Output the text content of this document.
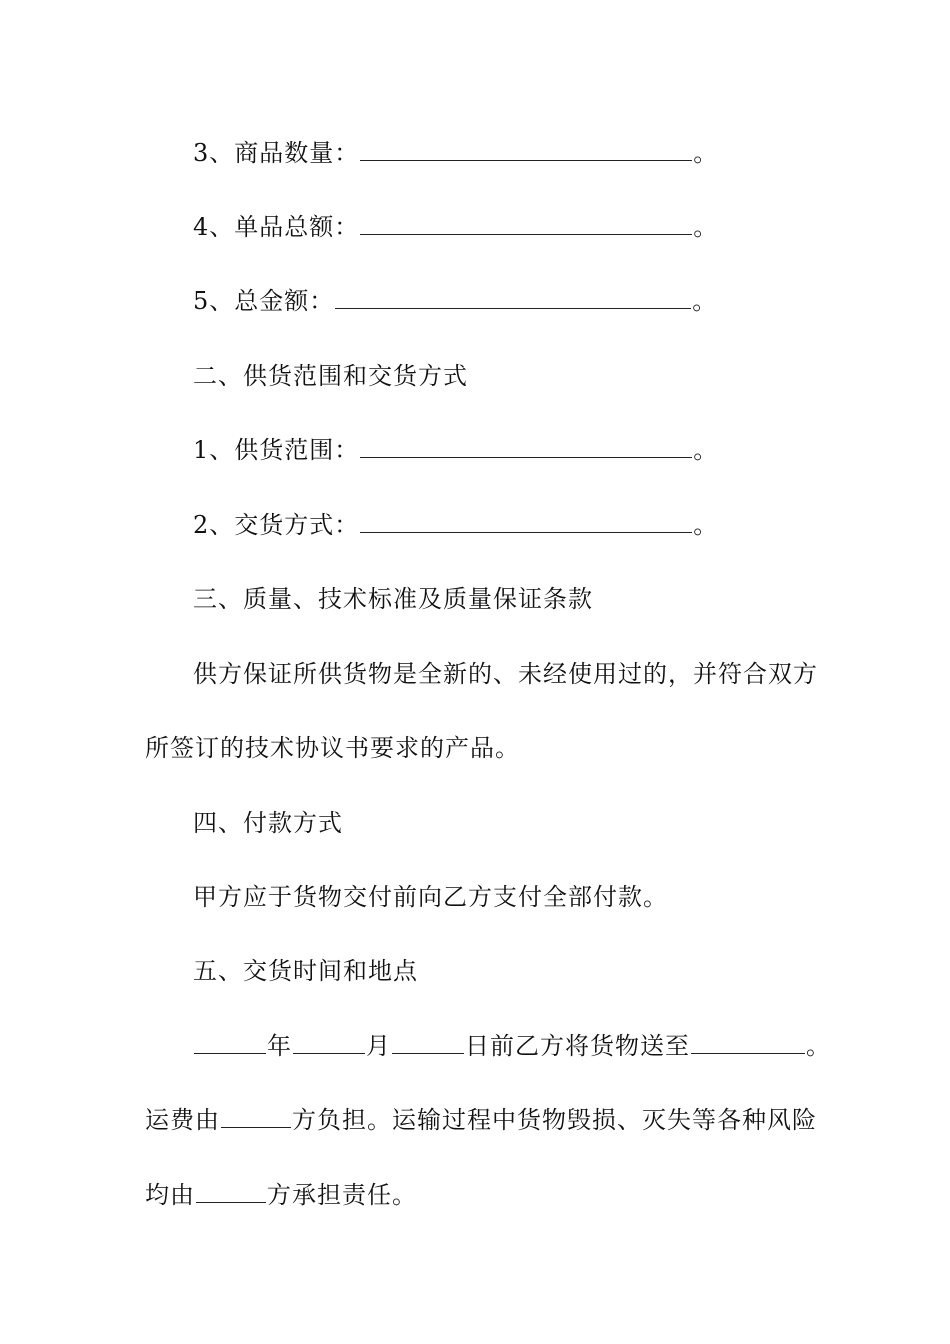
3、商品数量：	。
4、单品总额：	。
5、总金额：	。
二、供货范围和交货方式
1、供货范围：	。
2、交货方式：	。
三、质量、技术标准及质量保证条款
供方保证所供货物是全新的、未经使用过的，并符合双方
所签订的技术协议书要求的产品。
四、付款方式
甲方应于货物交付前向乙方支付全部付款。
五、交货时间和地点
年	月	日前乙方将货物送至	。
运费由	方负担。运输过程中货物毁损、灭失等各种风险
均由	方承担责任。
